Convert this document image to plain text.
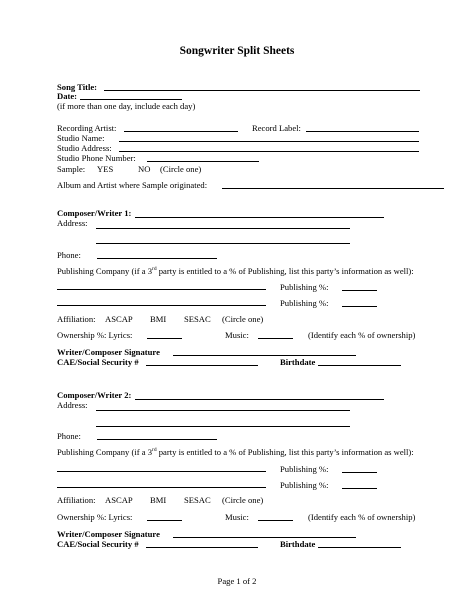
Songwriter Split Sheets
Song Title:
Date:
(if more than one day, include each day)
Recording Artist:	Record Label:
Studio Name:
Studio Address:
Studio Phone Number:
Sample: YES	NO (Circle one)
Album and Artist where Sample originated:
Composer/Writer 1:
Address:
Phone:
Publishing Company (if a 3rd party is entitled to a % of Publishing, list this party’s information as well):
Publishing %:
Publishing %:
Affiliation: ASCAP BMI SESAC (Circle one)
Ownership %: Lyrics:	Music:	(Identify each % of ownership)
Writer/Composer Signature
CAE/Social Security #	Birthdate
Composer/Writer 2:
Address:
Phone:
Publishing Company (if a 3rd party is entitled to a % of Publishing, list this party’s information as well):
Publishing %:
Publishing %:
Affiliation: ASCAP BMI SESAC (Circle one)
Ownership %: Lyrics:	Music:	(Identify each % of ownership)
Writer/Composer Signature
CAE/Social Security #	Birthdate
Page 1 of 2
